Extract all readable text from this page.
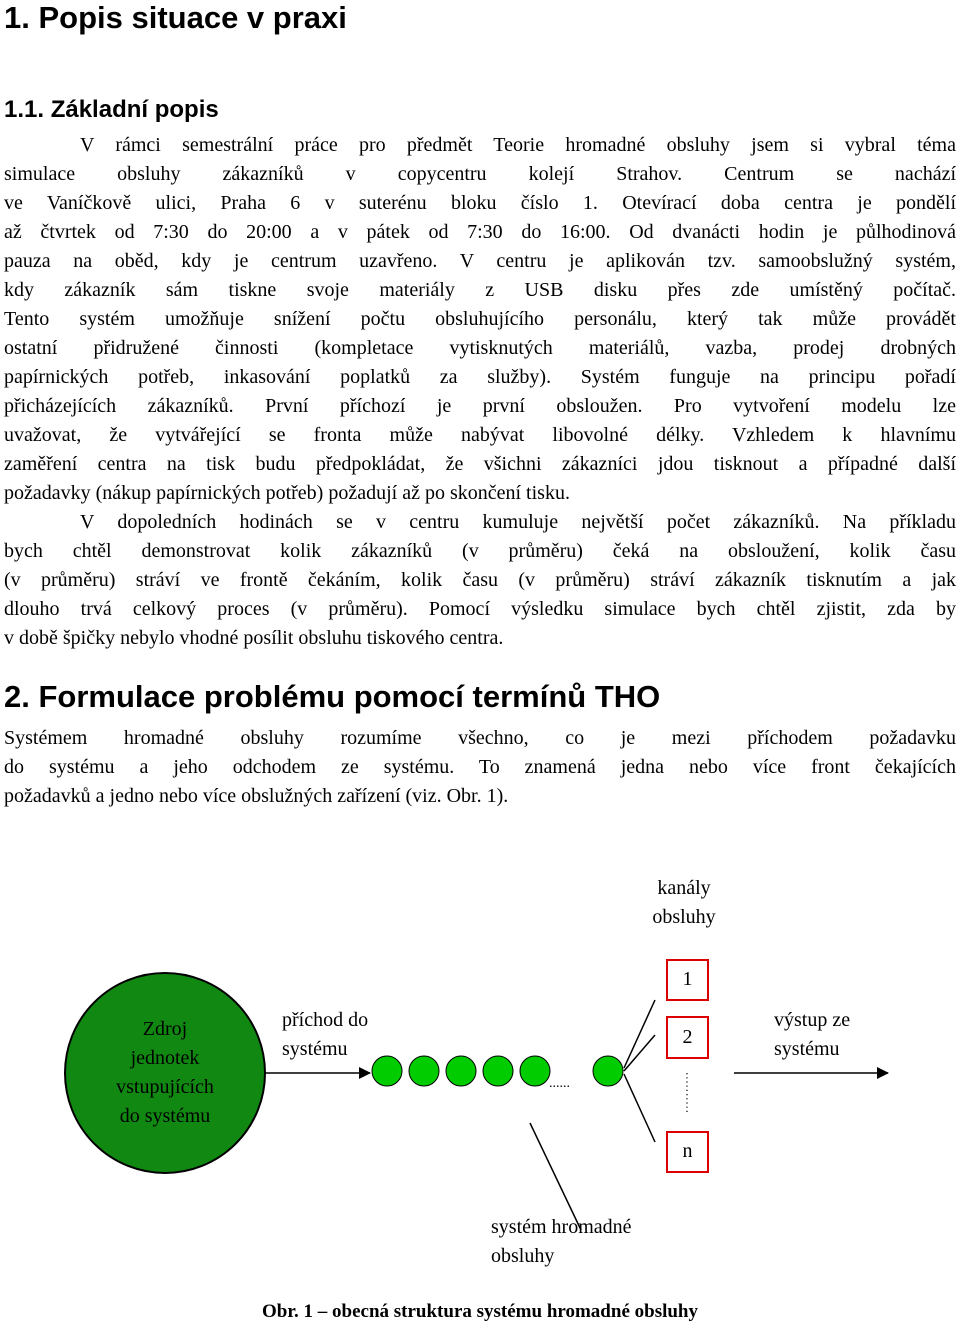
1. Popis situace v praxi
1.1. Základní popis
V rámci semestrální práce pro předmět Teorie hromadné obsluhy jsem si vybral téma
simulace obsluhy zákazníků v copycentru kolejí Strahov. Centrum se nachází
ve Vaníčkově ulici, Praha 6 v suterénu bloku číslo 1. Otevírací doba centra je pondělí
až čtvrtek od 7:30 do 20:00 a v pátek od 7:30 do 16:00. Od dvanácti hodin je půlhodinová
pauza na oběd, kdy je centrum uzavřeno. V centru je aplikován tzv. samoobslužný systém,
kdy zákazník sám tiskne svoje materiály z USB disku přes zde umístěný počítač.
Tento systém umožňuje snížení počtu obsluhujícího personálu, který tak může provádět
ostatní přidružené činnosti (kompletace vytisknutých materiálů, vazba, prodej drobných
papírnických potřeb, inkasování poplatků za služby). Systém funguje na principu pořadí
přicházejících zákazníků. První příchozí je první obsloužen. Pro vytvoření modelu lze
uvažovat, že vytvářející se fronta může nabývat libovolné délky. Vzhledem k hlavnímu
zaměření centra na tisk budu předpokládat, že všichni zákazníci jdou tisknout a případné další
požadavky (nákup papírnických potřeb) požadují až po skončení tisku.
V dopoledních hodinách se v centru kumuluje největší počet zákazníků. Na příkladu
bych chtěl demonstrovat kolik zákazníků (v průměru) čeká na obsloužení, kolik času
(v průměru) stráví ve frontě čekáním, kolik času (v průměru) stráví zákazník tisknutím a jak
dlouho trvá celkový proces (v průměru). Pomocí výsledku simulace bych chtěl zjistit, zda by
v době špičky nebylo vhodné posílit obsluhu tiskového centra.
2. Formulace problému pomocí termínů THO
Systémem hromadné obsluhy rozumíme všechno, co je mezi příchodem požadavku
do systému a jeho odchodem ze systému. To znamená jedna nebo více front čekajících
požadavků a jedno nebo více obslužných zařízení (viz. Obr. 1).
Zdroj
jednotek
vstupujících
do systému
příchod do
systému
kanály
obsluhy
1
2
n
......
výstup ze
systému
systém hromadné
obsluhy
Obr. 1 – obecná struktura systému hromadné obsluhy
